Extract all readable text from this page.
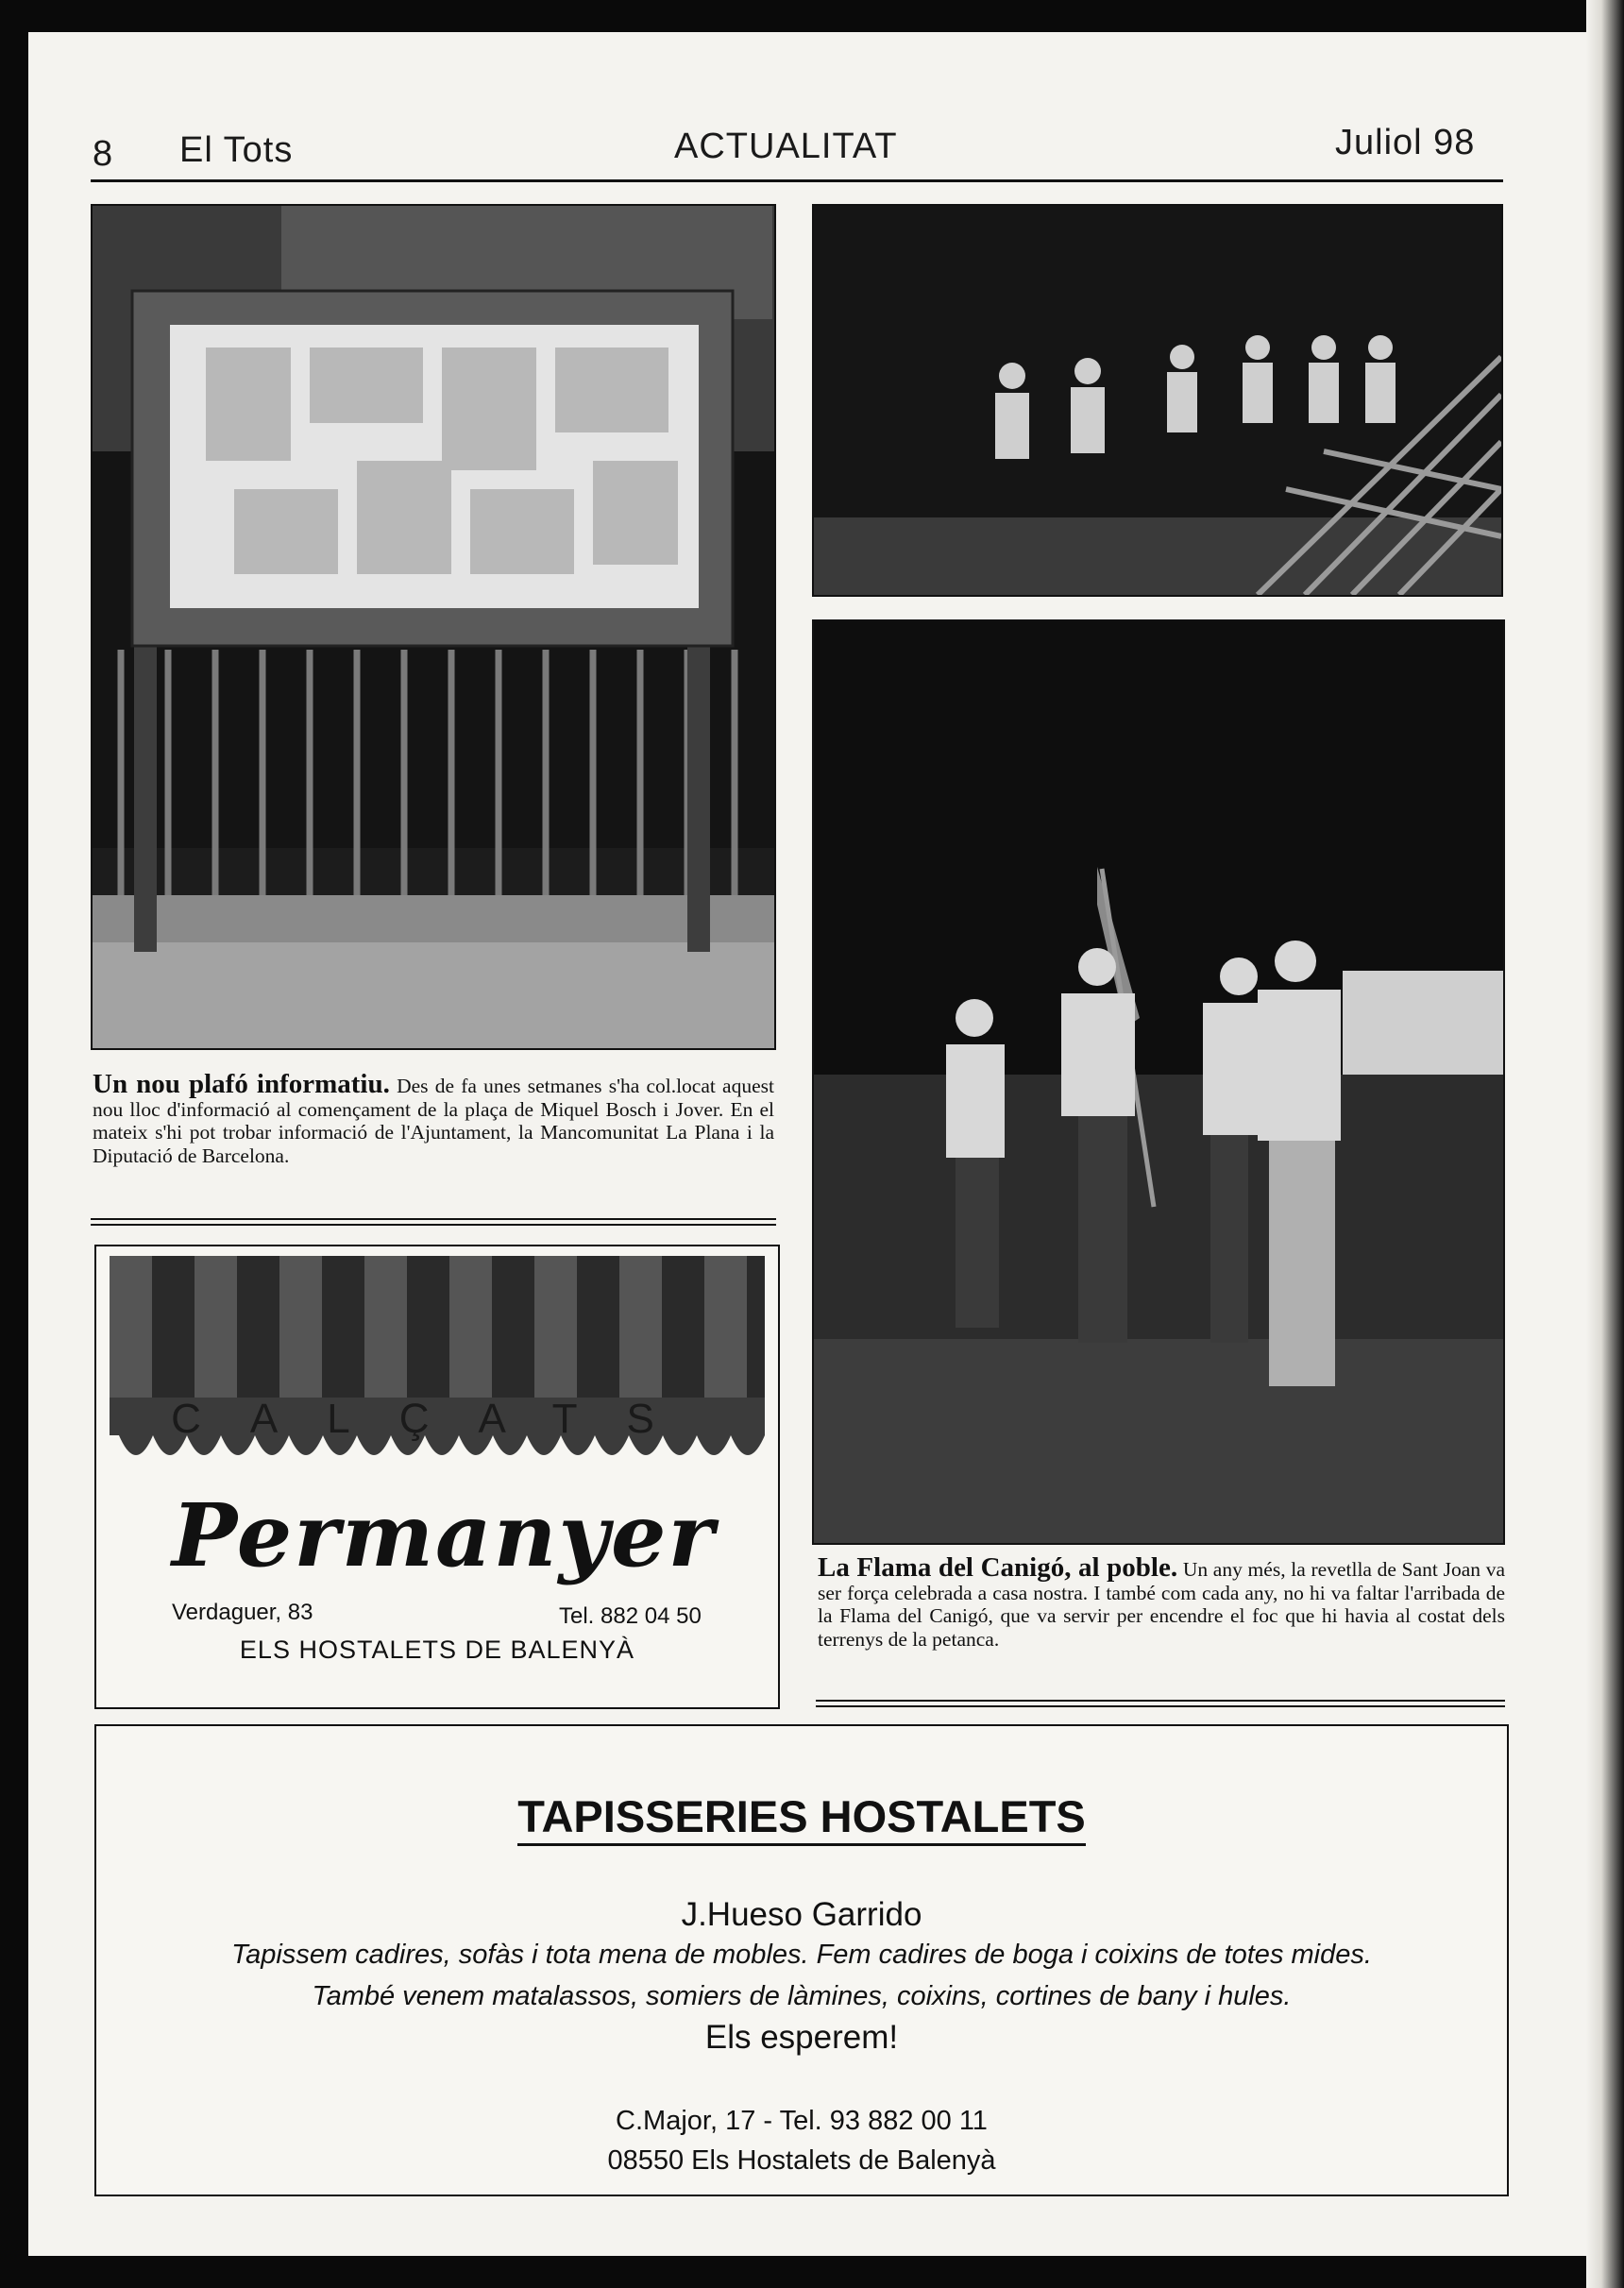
8 El Tots	ACTUALITAT	Juliol 98
Un nou plafó informatiu. Des de fa unes setmanes s'ha col.locat aquest nou lloc d'informació al començament de la plaça de Miquel Bosch i Jover. En el mateix s'hi pot trobar informació de l'Ajuntament, la Mancomunitat La Plana i la Diputació de Barcelona.
La Flama del Canigó, al poble. Un any més, la revetlla de Sant Joan va ser força celebrada a casa nostra. I també com cada any, no hi va faltar l'arribada de la Flama del Canigó, que va servir per encendre el foc que hi havia al costat dels terrenys de la petanca.
CALÇATS
Permanyer
Verdaguer, 83	Tel. 882 04 50
ELS HOSTALETS DE BALENYÀ
TAPISSERIES HOSTALETS
J.Hueso Garrido
Tapissem cadires, sofàs i tota mena de mobles. Fem cadires de boga i coixins de totes mides.
També venem matalassos, somiers de làmines, coixins, cortines de bany i hules.
Els esperem!
C.Major, 17 - Tel. 93 882 00 11
08550 Els Hostalets de Balenyà
